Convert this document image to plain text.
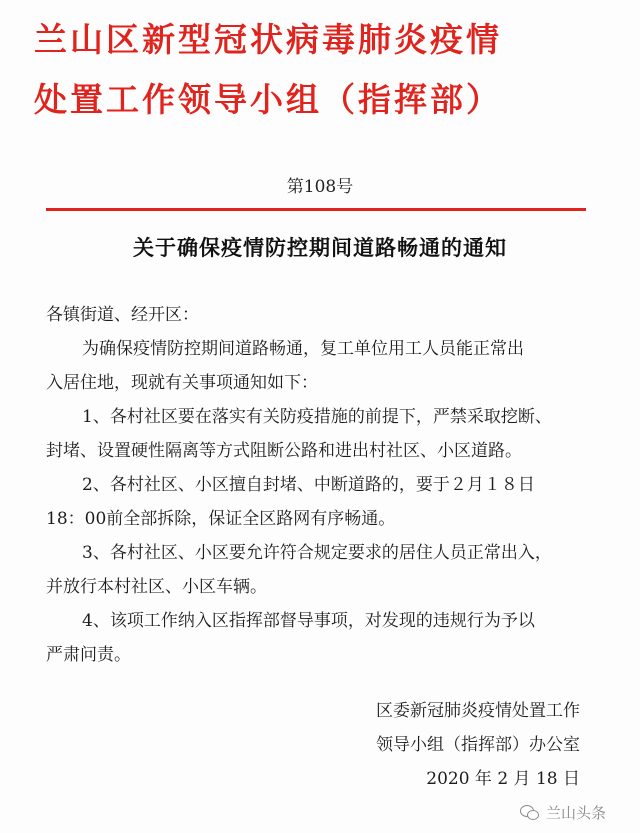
兰山区新型冠状病毒肺炎疫情
处置工作领导小组（指挥部）
第108号
关于确保疫情防控期间道路畅通的通知
各镇街道、经开区：
为确保疫情防控期间道路畅通，复工单位用工人员能正常出
入居住地，现就有关事项通知如下：
1、各村社区要在落实有关防疫措施的前提下，严禁采取挖断、
封堵、设置硬性隔离等方式阻断公路和进出村社区、小区道路。
2、各村社区、小区擅自封堵、中断道路的，要于２月１８日
18：00前全部拆除，保证全区路网有序畅通。
3、各村社区、小区要允许符合规定要求的居住人员正常出入，
并放行本村社区、小区车辆。
4、该项工作纳入区指挥部督导事项，对发现的违规行为予以
严肃问责。
区委新冠肺炎疫情处置工作
领导小组（指挥部）办公室
2020 年 2 月 18 日
兰山头条
